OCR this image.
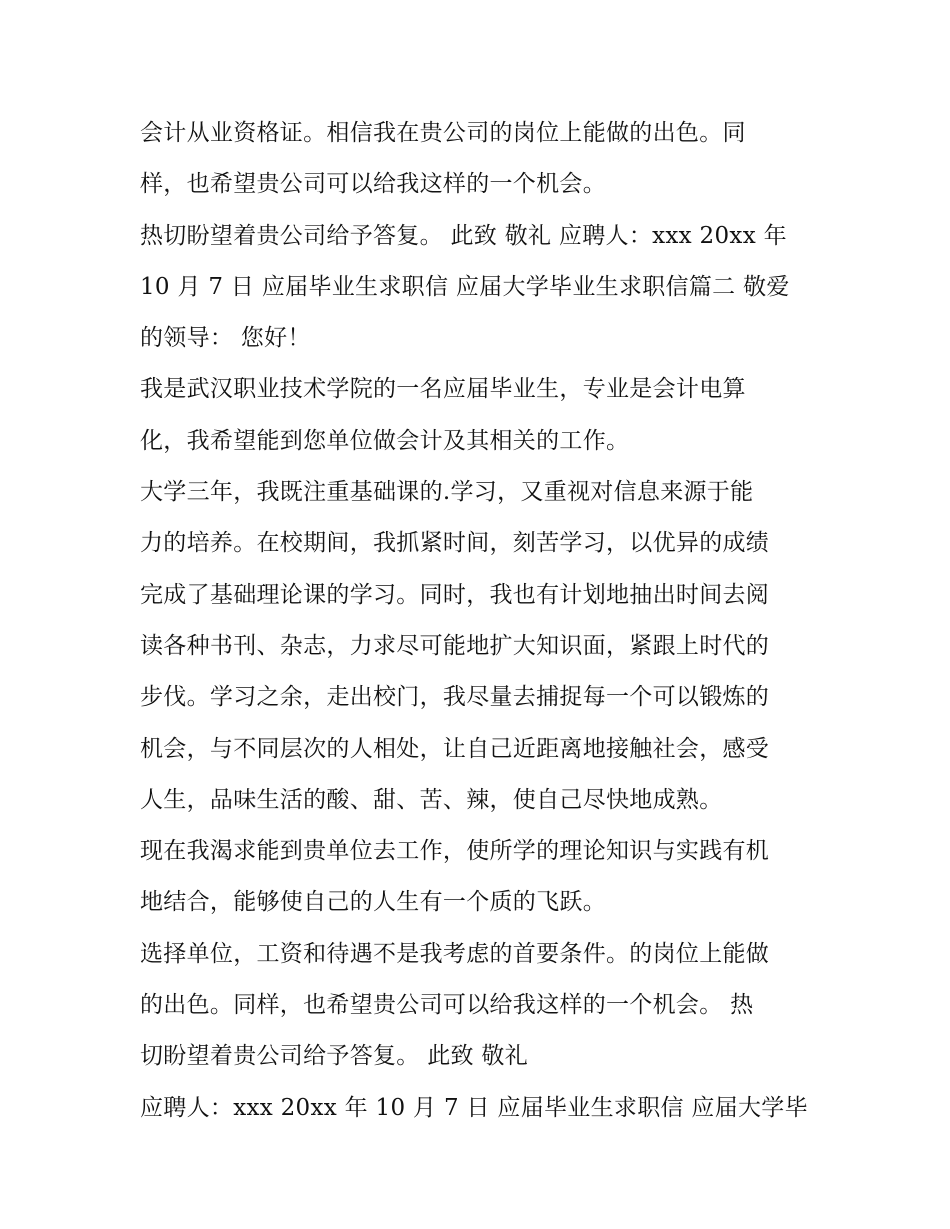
会计从业资格证。相信我在贵公司的岗位上能做的出色。同
样，也希望贵公司可以给我这样的一个机会。
热切盼望着贵公司给予答复。 此致 敬礼 应聘人：xxx 20xx 年
10 月 7 日 应届毕业生求职信 应届大学毕业生求职信篇二 敬爱
的领导： 您好！
我是武汉职业技术学院的一名应届毕业生，专业是会计电算
化，我希望能到您单位做会计及其相关的工作。
大学三年，我既注重基础课的.学习，又重视对信息来源于能
力的培养。在校期间，我抓紧时间，刻苦学习，以优异的成绩
完成了基础理论课的学习。同时，我也有计划地抽出时间去阅
读各种书刊、杂志，力求尽可能地扩大知识面，紧跟上时代的
步伐。学习之余，走出校门，我尽量去捕捉每一个可以锻炼的
机会，与不同层次的人相处，让自己近距离地接触社会，感受
人生，品味生活的酸、甜、苦、辣，使自己尽快地成熟。
现在我渴求能到贵单位去工作，使所学的理论知识与实践有机
地结合，能够使自己的人生有一个质的飞跃。
选择单位，工资和待遇不是我考虑的首要条件。的岗位上能做
的出色。同样，也希望贵公司可以给我这样的一个机会。 热
切盼望着贵公司给予答复。 此致 敬礼
应聘人：xxx 20xx 年 10 月 7 日 应届毕业生求职信 应届大学毕
